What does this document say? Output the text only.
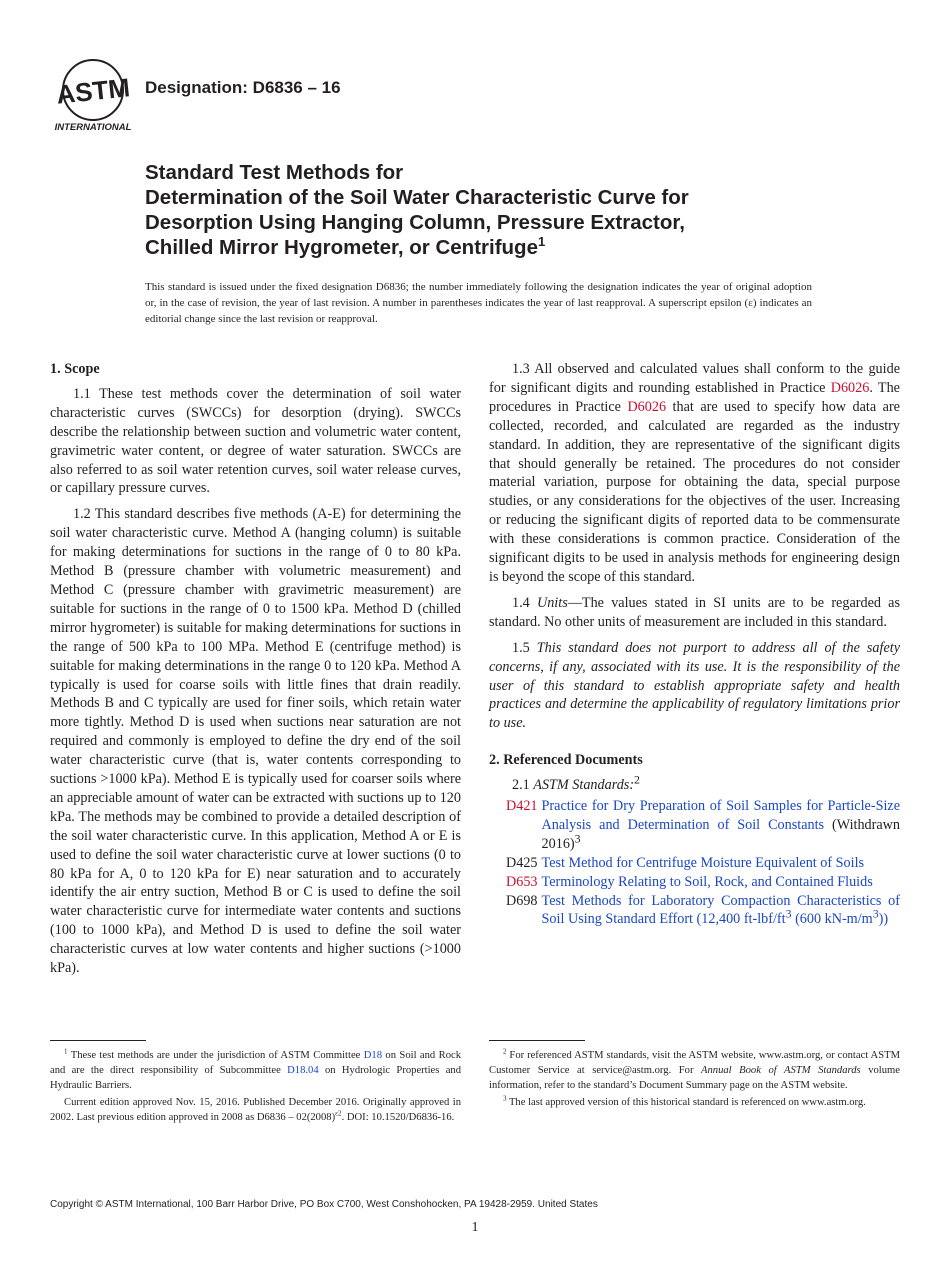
ASTM
INTERNATIONAL
Designation: D6836 – 16
Standard Test Methods for
Determination of the Soil Water Characteristic Curve for
Desorption Using Hanging Column, Pressure Extractor,
Chilled Mirror Hygrometer, or Centrifuge$^1$
This standard is issued under the fixed designation D6836; the number immediately following the designation indicates the year of original adoption or, in the case of revision, the year of last revision. A number in parentheses indicates the year of last reapproval. A superscript epsilon (ε) indicates an editorial change since the last revision or reapproval.
1. Scope

1.1 These test methods cover the determination of soil water characteristic curves (SWCCs) for desorption (drying). SWCCs describe the relationship between suction and volumetric water content, gravimetric water content, or degree of water saturation. SWCCs are also referred to as soil water retention curves, soil water release curves, or capillary pressure curves.

1.2 This standard describes five methods (A-E) for determining the soil water characteristic curve. Method A (hanging column) is suitable for making determinations for suctions in the range of 0 to 80 kPa. Method B (pressure chamber with volumetric measurement) and Method C (pressure chamber with gravimetric measurement) are suitable for suctions in the range of 0 to 1500 kPa. Method D (chilled mirror hygrometer) is suitable for making determinations for suctions in the range of 500 kPa to 100 MPa. Method E (centrifuge method) is suitable for making determinations in the range 0 to 120 kPa. Method A typically is used for coarse soils with little fines that drain readily. Methods B and C typically are used for finer soils, which retain water more tightly. Method D is used when suctions near saturation are not required and commonly is employed to define the dry end of the soil water characteristic curve (that is, water contents corresponding to suctions >1000 kPa). Method E is typically used for coarser soils where an appreciable amount of water can be extracted with suctions up to 120 kPa. The methods may be combined to provide a detailed description of the soil water characteristic curve. In this application, Method A or E is used to define the soil water characteristic curve at lower suctions (0 to 80 kPa for A, 0 to 120 kPa for E) near saturation and to accurately identify the air entry suction, Method B or C is used to define the soil water characteristic curve for intermediate water contents and suctions (100 to 1000 kPa), and Method D is used to define the soil water characteristic curves at low water contents and higher suctions (>1000 kPa).

1.3 All observed and calculated values shall conform to the guide for significant digits and rounding established in Practice D6026. The procedures in Practice D6026 that are used to specify how data are collected, recorded, and calculated are regarded as the industry standard. In addition, they are representative of the significant digits that should generally be retained. The procedures do not consider material variation, purpose for obtaining the data, special purpose studies, or any considerations for the objectives of the user. Increasing or reducing the significant digits of reported data to be commensurate with these considerations is common practice. Consideration of the significant digits to be used in analysis methods for engineering design is beyond the scope of this standard.

1.4 Units—The values stated in SI units are to be regarded as standard. No other units of measurement are included in this standard.

1.5 This standard does not purport to address all of the safety concerns, if any, associated with its use. It is the responsibility of the user of this standard to establish appropriate safety and health practices and determine the applicability of regulatory limitations prior to use.

2. Referenced Documents

2.1 ASTM Standards:$^2$

D421 Practice for Dry Preparation of Soil Samples for Particle-Size Analysis and Determination of Soil Constants (Withdrawn 2016)$^3$
D425 Test Method for Centrifuge Moisture Equivalent of Soils
D653 Terminology Relating to Soil, Rock, and Contained Fluids
D698 Test Methods for Laboratory Compaction Characteristics of Soil Using Standard Effort (12,400 $ft-lbf/ft^3$ (600 $kN-m/m^3$))

$^1$ These test methods are under the jurisdiction of ASTM Committee D18 on Soil and Rock and are the direct responsibility of Subcommittee D18.04 on Hydrologic Properties and Hydraulic Barriers.

Current edition approved Nov. 15, 2016. Published December 2016. Originally approved in 2002. Last previous edition approved in 2008 as $D6836 - 02(2008)^{\varepsilon 2}$. DOI: 10.1520/D6836-16.

$^2$ For referenced ASTM standards, visit the ASTM website, www.astm.org, or contact ASTM Customer Service at service@astm.org. For Annual Book of ASTM Standards volume information, refer to the standard’s Document Summary page on the ASTM website.

$^3$ The last approved version of this historical standard is referenced on www.astm.org.

Copyright © ASTM International, 100 Barr Harbor Drive, PO Box C700, West Conshohocken, PA 19428-2959. United States
1
